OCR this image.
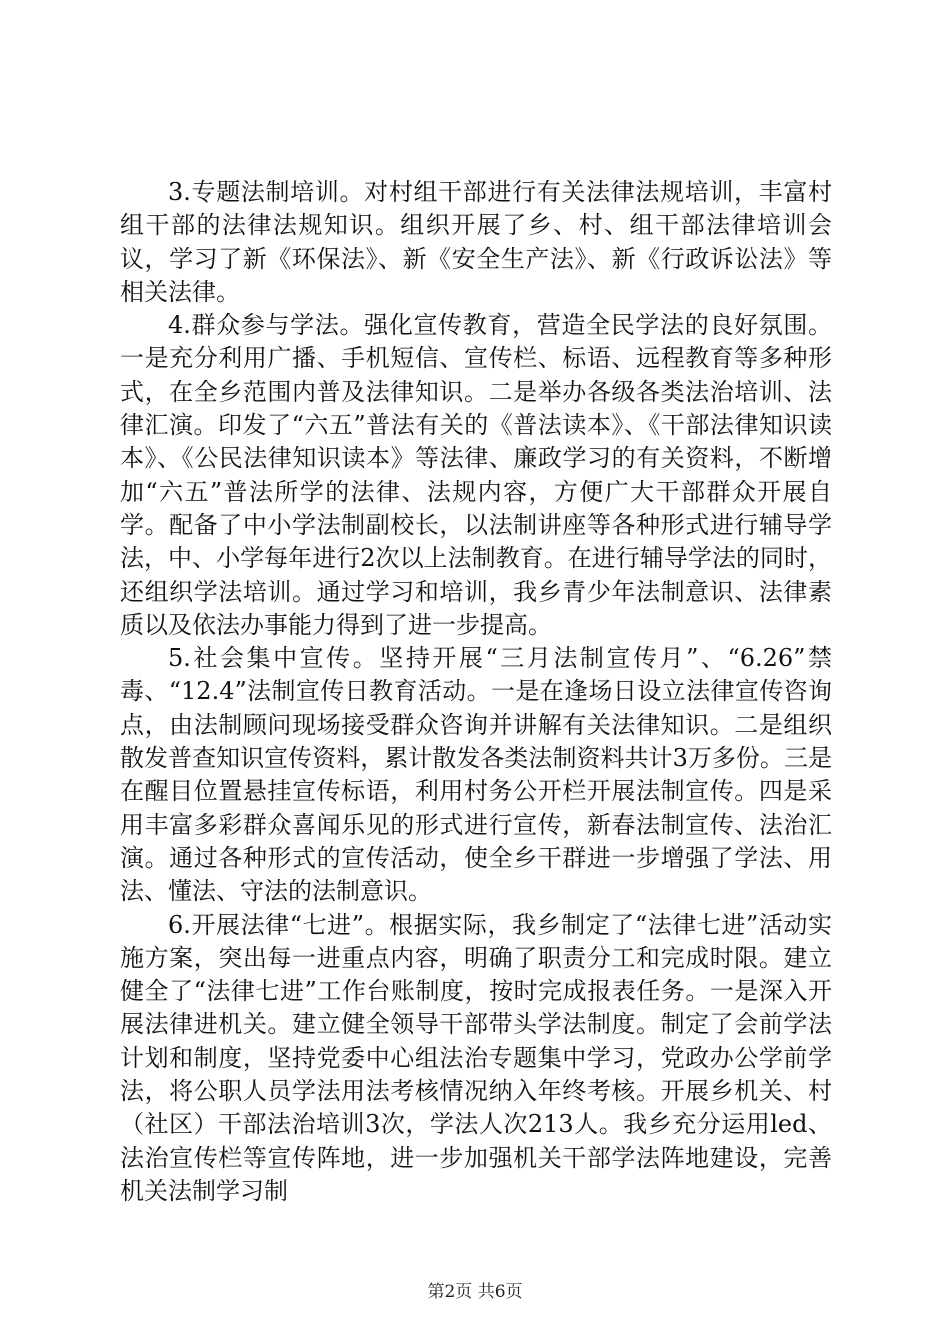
3.专题法制培训。对村组干部进行有关法律法规培训，丰富村组干部的法律法规知识。组织开展了乡、村、组干部法律培训会议，学习了新《环保法》、新《安全生产法》、新《行政诉讼法》等相关法律。

4.群众参与学法。强化宣传教育，营造全民学法的良好氛围。一是充分利用广播、手机短信、宣传栏、标语、远程教育等多种形式，在全乡范围内普及法律知识。二是举办各级各类法治培训、法律汇演。印发了“六五”普法有关的《普法读本》、《干部法律知识读本》、《公民法律知识读本》等法律、廉政学习的有关资料，不断增加“六五”普法所学的法律、法规内容，方便广大干部群众开展自学。配备了中小学法制副校长，以法制讲座等各种形式进行辅导学法，中、小学每年进行2次以上法制教育。在进行辅导学法的同时，还组织学法培训。通过学习和培训，我乡青少年法制意识、法律素质以及依法办事能力得到了进一步提高。

5.社会集中宣传。坚持开展“三月法制宣传月”、“6.26”禁毒、“12.4”法制宣传日教育活动。一是在逢场日设立法律宣传咨询点，由法制顾问现场接受群众咨询并讲解有关法律知识。二是组织散发普查知识宣传资料，累计散发各类法制资料共计3万多份。三是在醒目位置悬挂宣传标语，利用村务公开栏开展法制宣传。四是采用丰富多彩群众喜闻乐见的形式进行宣传，新春法制宣传、法治汇演。通过各种形式的宣传活动，使全乡干群进一步增强了学法、用法、懂法、守法的法制意识。

6.开展法律“七进”。根据实际，我乡制定了“法律七进”活动实施方案，突出每一进重点内容，明确了职责分工和完成时限。建立健全了“法律七进”工作台账制度，按时完成报表任务。一是深入开展法律进机关。建立健全领导干部带头学法制度。制定了会前学法计划和制度，坚持党委中心组法治专题集中学习，党政办公学前学法，将公职人员学法用法考核情况纳入年终考核。开展乡机关、村（社区）干部法治培训3次，学法人次213人。我乡充分运用led、法治宣传栏等宣传阵地，进一步加强机关干部学法阵地建设，完善机关法制学习制

第2页 共6页
